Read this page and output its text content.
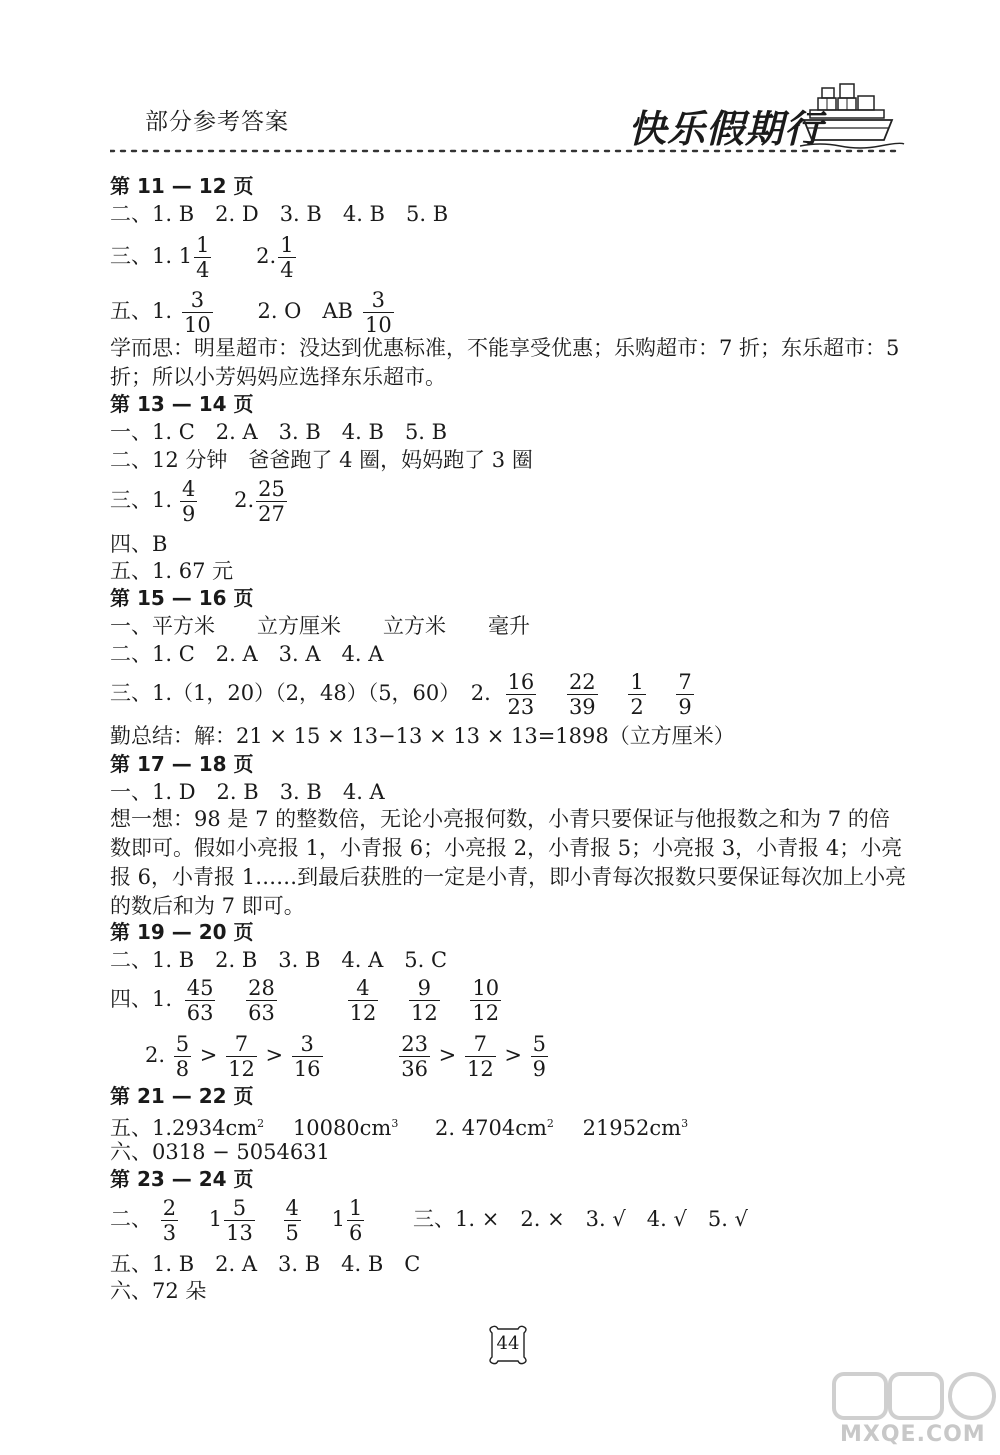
部分参考答案	快乐假期行
第 11 — 12 页
二、1. B　2. D　3. B　4. B　5. B
三、1. $1 \frac{1}{4} 2$. $\frac{1}{4}$
五、1. $\frac{3}{10} 2$. O　AB $\frac{3}{10}$
学而思：明星超市：没达到优惠标准，不能享受优惠；乐购超市：7 折；东乐超市：5 折；所以小芳妈妈应选择东乐超市。
第 13 — 14 页
一、1. C　2. A　3. B　4. B　5. B
二、12 分钟　爸爸跑了 4 圈，妈妈跑了 3 圈
三、1. $\frac{4}{9} 2$. $\frac{25}{27}$
四、B
五、1. 67 元
第 15 — 16 页
一、平方米　　立方厘米　　立方米　　毫升
二、1. C　2. A　3. A　4. A
三、1.（1，20）（2，48）（5，60）　2. $\frac{16}{23}$
$\frac{22}{39}$
$\frac{1}{2}$
$\frac{7}{9}$
勤总结：解：21 × 15 × 13−13 × 13 × 13=1898（立方厘米）
第 17 — 18 页
一、1. D　2. B　3. B　4. A
想一想：98 是 7 的整数倍，无论小亮报何数，小青只要保证与他报数之和为 7 的倍数即可。假如小亮报 1，小青报 6；小亮报 2，小青报 5；小亮报 3，小青报 4；小亮报 6，小青报 1……到最后获胜的一定是小青，即小青每次报数只要保证每次加上小亮的数后和为 7 即可。
第 19 — 20 页
二、1. B　2. B　3. B　4. A　5. C
四、1. $\frac{45}{63}$
$\frac{28}{63}$
	$\frac{4}{12}$
$\frac{9}{12}$
$\frac{10}{12}$
2. $\frac{5}{8} > \frac{7}{12} > \frac{3}{16}$
	$\frac{23}{36} > \frac{7}{12} > \frac{5}{9}$
第 21 — 22 页
五、$1.2934cm^2$ $10080cm^3$ 2. $4704cm^2$ $21952cm^3$
六、0318 − 5054631
第 23 — 24 页
二、 $\frac{2}{3} 1 \frac{5}{13}$
$\frac{4}{5} 1 \frac{1}{6}$ 三、1. ×　2. ×　3. √　4. √　5. √
五、1. B　2. A　3. B　4. B　C
六、72 朵
44
MXQE.COM
